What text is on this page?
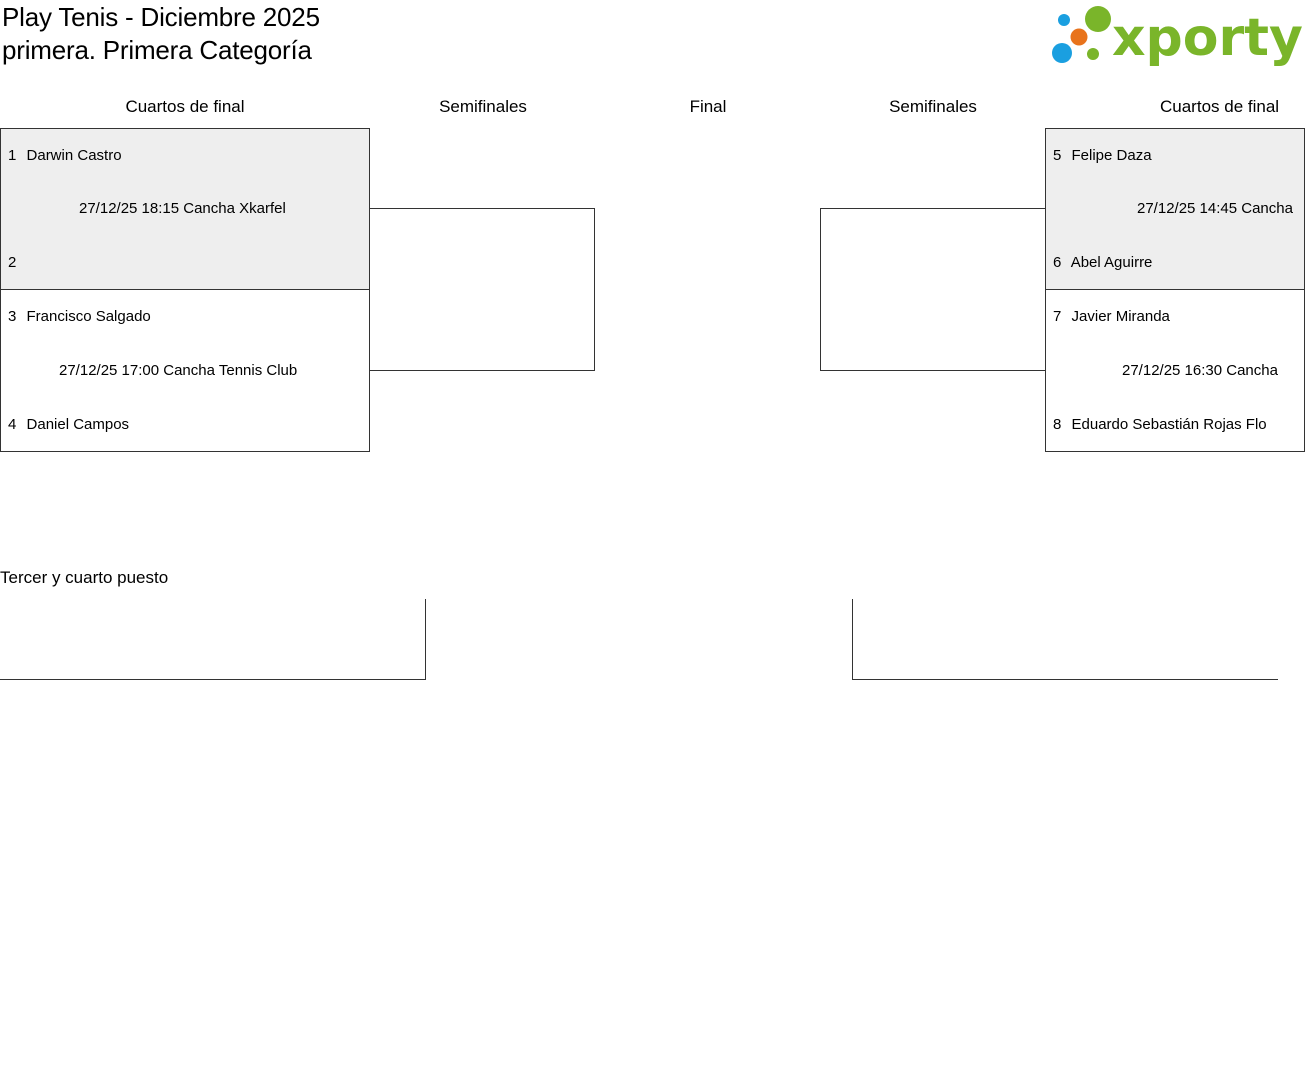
Play Tenis - Diciembre 2025
primera. Primera Categoría	xporty
Cuartos de final	Semifinales	Final	Semifinales	Cuartos de final
1 Darwin Castro
27/12/25 18:15 Cancha Xkarfel
2
3 Francisco Salgado
27/12/25 17:00 Cancha Tennis Club
4 Daniel Campos
5 Felipe Daza
27/12/25 14:45 Cancha
6 Abel Aguirre
7 Javier Miranda
27/12/25 16:30 Cancha
8 Eduardo Sebastián Rojas Flo
Tercer y cuarto puesto
